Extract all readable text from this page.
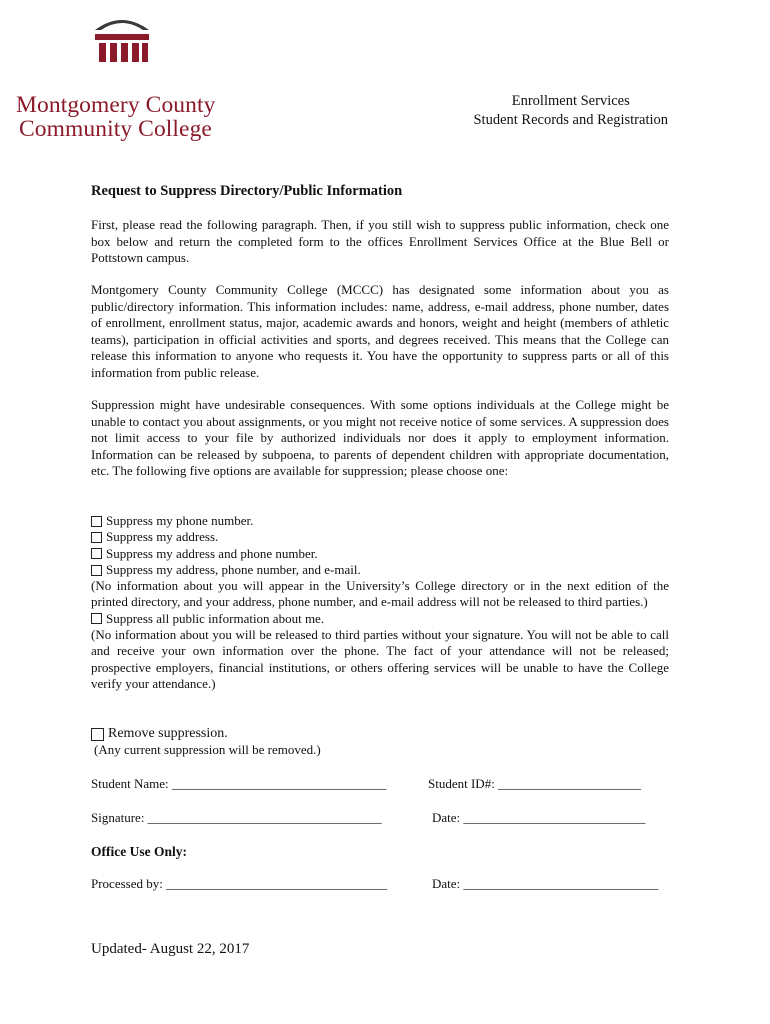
Montgomery County
Community College
Enrollment Services
Student Records and Registration
Request to Suppress Directory/Public Information

First, please read the following paragraph. Then, if you still wish to suppress public information, check one box below and return the completed form to the offices Enrollment Services Office at the Blue Bell or Pottstown campus.

Montgomery County Community College (MCCC) has designated some information about you as public/directory information. This information includes: name, address, e-mail address, phone number, dates of enrollment, enrollment status, major, academic awards and honors, weight and height (members of athletic teams), participation in official activities and sports, and degrees received. This means that the College can release this information to anyone who requests it. You have the opportunity to suppress parts or all of this information from public release.

Suppression might have undesirable consequences. With some options individuals at the College might be unable to contact you about assignments, or you might not receive notice of some services. A suppression does not limit access to your file by authorized individuals nor does it apply to employment information. Information can be released by subpoena, to parents of dependent children with appropriate documentation, etc. The following five options are available for suppression; please choose one:

Suppress my phone number.
Suppress my address.
Suppress my address and phone number.
Suppress my address, phone number, and e-mail.

(No information about you will appear in the University’s College directory or in the next edition of the printed directory, and your address, phone number, and e-mail address will not be released to third parties.)

Suppress all public information about me.

(No information about you will be released to third parties without your signature. You will not be able to call and receive your own information over the phone. The fact of your attendance will not be released; prospective employers, financial institutions, or others offering services will be unable to have the College verify your attendance.)

Remove suppression.
(Any current suppression will be removed.)
Student Name: _________________________________	Student ID#: ______________________
Signature: ____________________________________	Date: ____________________________
Office Use Only:
Processed by: __________________________________	Date: ______________________________
Updated- August 22, 2017
